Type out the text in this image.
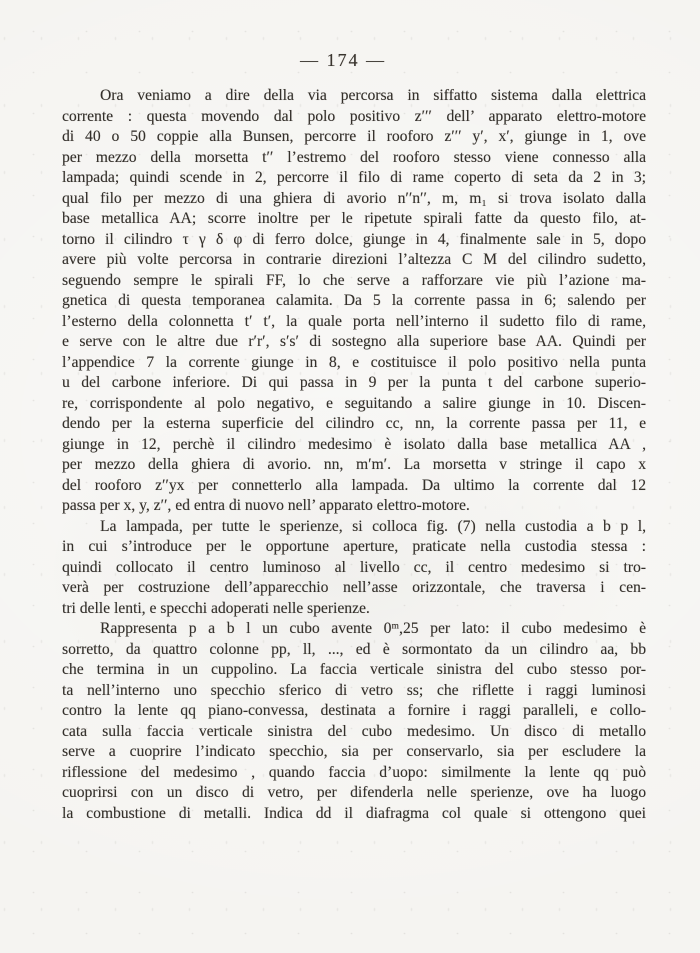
— 174 —
Ora veniamo a dire della via percorsa in siffatto sistema dalla elettrica
corrente : questa movendo dal polo positivo z′′′ dell’ apparato elettro-motore
di 40 o 50 coppie alla Bunsen, percorre il rooforo z′′′ y′, x′, giunge in 1, ove
per mezzo della morsetta t′′ l’estremo del rooforo stesso viene connesso alla
lampada; quindi scende in 2, percorre il filo di rame coperto di seta da 2 in 3;
qual filo per mezzo di una ghiera di avorio n′′n′′, m, m₁ si trova isolato dalla
base metallica AA; scorre inoltre per le ripetute spirali fatte da questo filo, at-
torno il cilindro τ γ δ φ di ferro dolce, giunge in 4, finalmente sale in 5, dopo
avere più volte percorsa in contrarie direzioni l’altezza C M del cilindro sudetto,
seguendo sempre le spirali FF, lo che serve a rafforzare vie più l’azione ma-
gnetica di questa temporanea calamita. Da 5 la corrente passa in 6; salendo per
l’esterno della colonnetta t′ t′, la quale porta nell’interno il sudetto filo di rame,
e serve con le altre due r′r′, s′s′ di sostegno alla superiore base AA. Quindi per
l’appendice 7 la corrente giunge in 8, e costituisce il polo positivo nella punta
u del carbone inferiore. Di qui passa in 9 per la punta t del carbone superio-
re, corrispondente al polo negativo, e seguitando a salire giunge in 10. Discen-
dendo per la esterna superficie del cilindro cc, nn, la corrente passa per 11, e
giunge in 12, perchè il cilindro medesimo è isolato dalla base metallica AA ,
per mezzo della ghiera di avorio. nn, m′m′. La morsetta v stringe il capo x
del rooforo z′′yx per connetterlo alla lampada. Da ultimo la corrente dal 12
passa per x, y, z′′, ed entra di nuovo nell’ apparato elettro-motore.
La lampada, per tutte le sperienze, si colloca fig. (7) nella custodia a b p l,
in cui s’introduce per le opportune aperture, praticate nella custodia stessa :
quindi collocato il centro luminoso al livello cc, il centro medesimo si tro-
verà per costruzione dell’apparecchio nell’asse orizzontale, che traversa i cen-
tri delle lenti, e specchi adoperati nelle sperienze.
Rappresenta p a b l un cubo avente 0ᵐ,25 per lato: il cubo medesimo è
sorretto, da quattro colonne pp, ll, ..., ed è sormontato da un cilindro aa, bb
che termina in un cuppolino. La faccia verticale sinistra del cubo stesso por-
ta nell’interno uno specchio sferico di vetro ss; che riflette i raggi luminosi
contro la lente qq piano-convessa, destinata a fornire i raggi paralleli, e collo-
cata sulla faccia verticale sinistra del cubo medesimo. Un disco di metallo
serve a cuoprire l’indicato specchio, sia per conservarlo, sia per escludere la
riflessione del medesimo , quando faccia d’uopo: similmente la lente qq può
cuoprirsi con un disco di vetro, per difenderla nelle sperienze, ove ha luogo
la combustione di metalli. Indica dd il diafragma col quale si ottengono quei
